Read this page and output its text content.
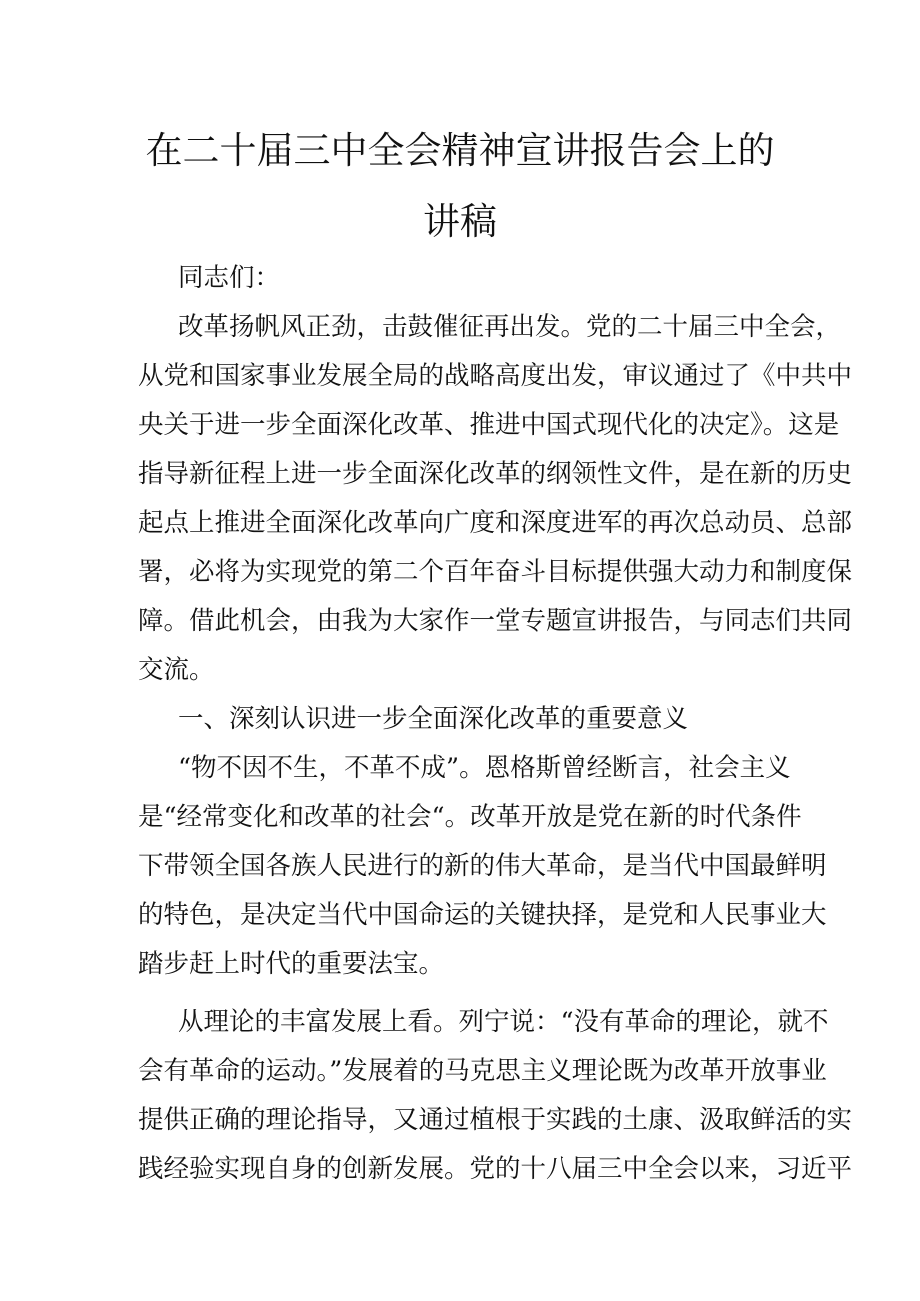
在二十届三中全会精神宣讲报告会上的
讲稿
同志们：
改革扬帆风正劲，击鼓催征再出发。党的二十届三中全会，
从党和国家事业发展全局的战略高度出发，审议通过了《中共中
央关于进一步全面深化改革、推进中国式现代化的决定》。这是
指导新征程上进一步全面深化改革的纲领性文件，是在新的历史
起点上推进全面深化改革向广度和深度进军的再次总动员、总部
署，必将为实现党的第二个百年奋斗目标提供强大动力和制度保
障。借此机会，由我为大家作一堂专题宣讲报告，与同志们共同
交流。
一、深刻认识进一步全面深化改革的重要意义
“物不因不生，不革不成”。恩格斯曾经断言，社会主义
是“经常变化和改革的社会“。改革开放是党在新的时代条件
下带领全国各族人民进行的新的伟大革命，是当代中国最鲜明
的特色，是决定当代中国命运的关键抉择，是党和人民事业大
踏步赶上时代的重要法宝。
从理论的丰富发展上看。列宁说：“没有革命的理论，就不
会有革命的运动。”发展着的马克思主义理论既为改革开放事业
提供正确的理论指导，又通过植根于实践的土康、汲取鲜活的实
践经验实现自身的创新发展。党的十八届三中全会以来，习近平
